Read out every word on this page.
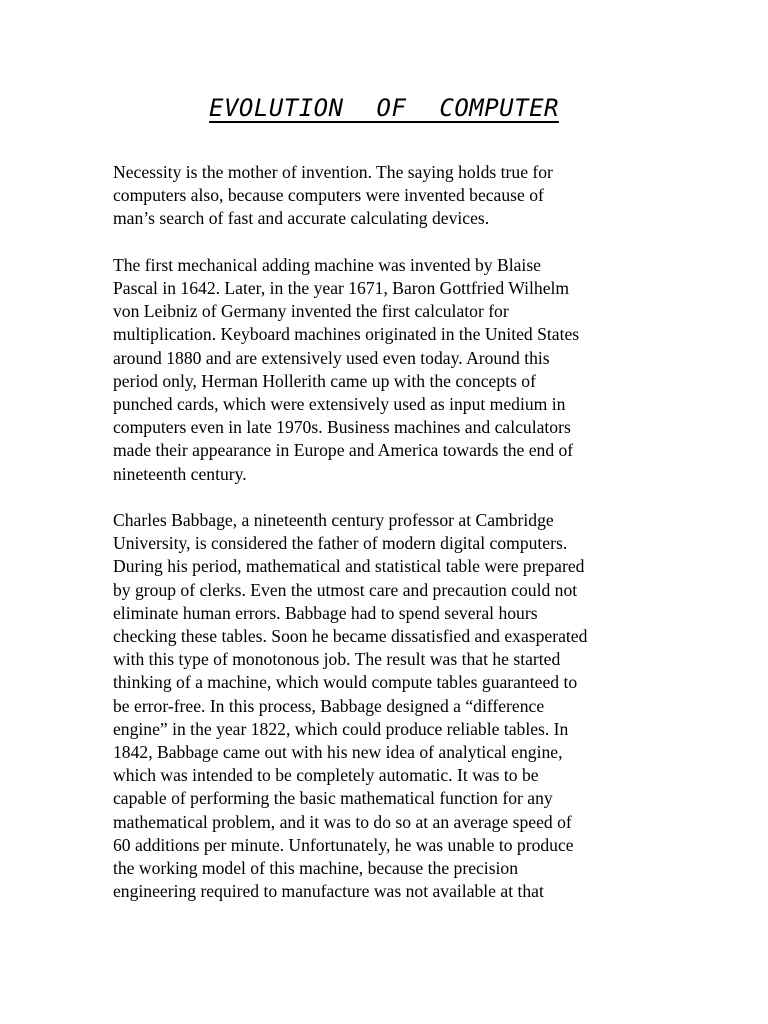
EVOLUTION OF COMPUTER

Necessity is the mother of invention. The saying holds true for
computers also, because computers were invented because of
man’s search of fast and accurate calculating devices.

The first mechanical adding machine was invented by Blaise
Pascal in 1642. Later, in the year 1671, Baron Gottfried Wilhelm
von Leibniz of Germany invented the first calculator for
multiplication. Keyboard machines originated in the United States
around 1880 and are extensively used even today. Around this
period only, Herman Hollerith came up with the concepts of
punched cards, which were extensively used as input medium in
computers even in late 1970s. Business machines and calculators
made their appearance in Europe and America towards the end of
nineteenth century.

Charles Babbage, a nineteenth century professor at Cambridge
University, is considered the father of modern digital computers.
During his period, mathematical and statistical table were prepared
by group of clerks. Even the utmost care and precaution could not
eliminate human errors. Babbage had to spend several hours
checking these tables. Soon he became dissatisfied and exasperated
with this type of monotonous job. The result was that he started
thinking of a machine, which would compute tables guaranteed to
be error-free. In this process, Babbage designed a “difference
engine” in the year 1822, which could produce reliable tables. In
1842, Babbage came out with his new idea of analytical engine,
which was intended to be completely automatic. It was to be
capable of performing the basic mathematical function for any
mathematical problem, and it was to do so at an average speed of
60 additions per minute. Unfortunately, he was unable to produce
the working model of this machine, because the precision
engineering required to manufacture was not available at that
